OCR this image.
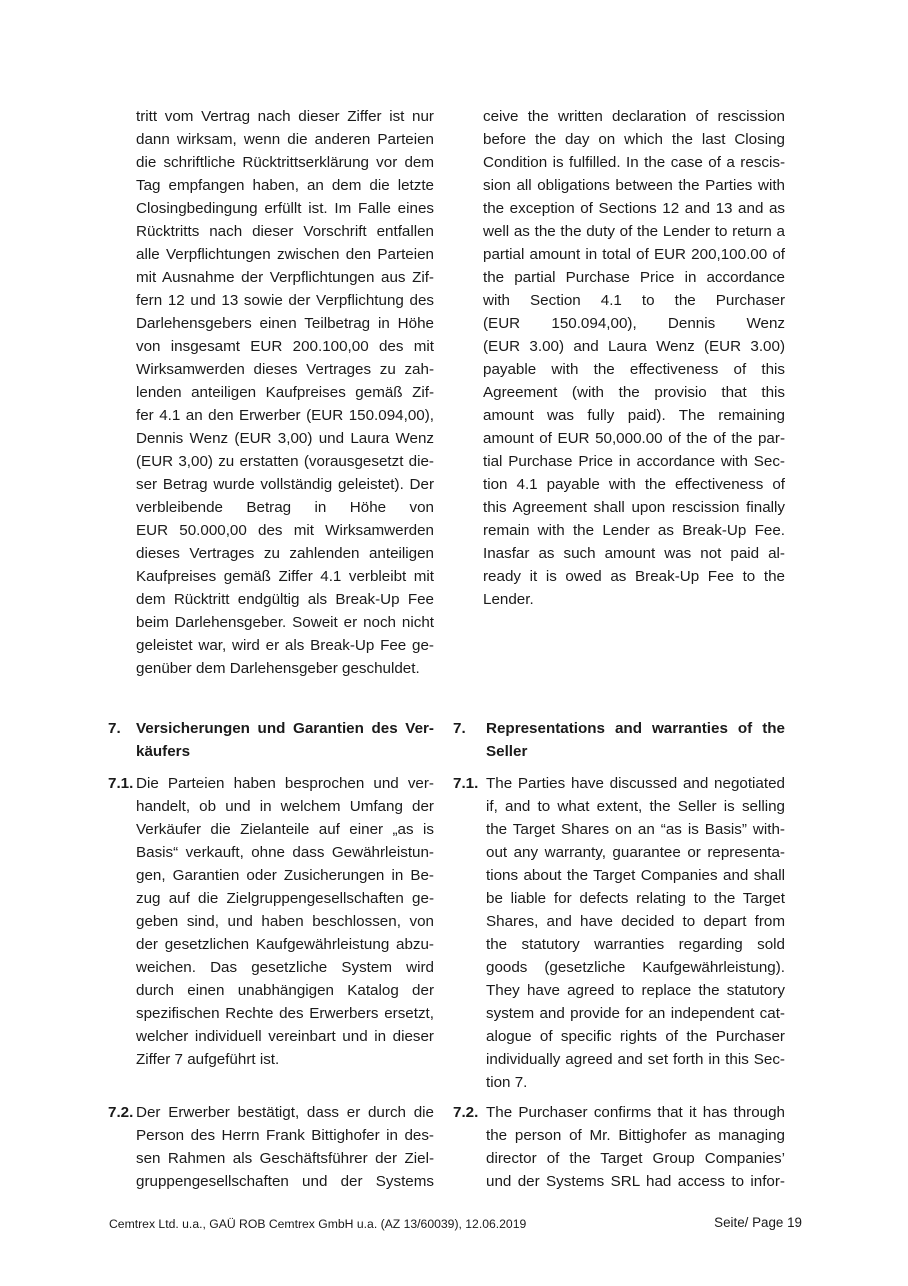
tritt vom Vertrag nach dieser Ziffer ist nur
dann wirksam, wenn die anderen Parteien
die schriftliche Rücktrittserklärung vor dem
Tag empfangen haben, an dem die letzte
Closingbedingung erfüllt ist. Im Falle eines
Rücktritts nach dieser Vorschrift entfallen
alle Verpflichtungen zwischen den Parteien
mit Ausnahme der Verpflichtungen aus Zif-
fern 12 und 13 sowie der Verpflichtung des
Darlehensgebers einen Teilbetrag in Höhe
von insgesamt EUR 200.100,00 des mit
Wirksamwerden dieses Vertrages zu zah-
lenden anteiligen Kaufpreises gemäß Zif-
fer 4.1 an den Erwerber (EUR 150.094,00),
Dennis Wenz (EUR 3,00) und Laura Wenz
(EUR 3,00) zu erstatten (vorausgesetzt die-
ser Betrag wurde vollständig geleistet). Der
verbleibende Betrag in Höhe von
EUR 50.000,00 des mit Wirksamwerden
dieses Vertrages zu zahlenden anteiligen
Kaufpreises gemäß Ziffer 4.1 verbleibt mit
dem Rücktritt endgültig als Break-Up Fee
beim Darlehensgeber. Soweit er noch nicht
geleistet war, wird er als Break-Up Fee ge-
genüber dem Darlehensgeber geschuldet.
ceive the written declaration of rescission
before the day on which the last Closing
Condition is fulfilled. In the case of a rescis-
sion all obligations between the Parties with
the exception of Sections 12 and 13 and as
well as the the duty of the Lender to return a
partial amount in total of EUR 200,100.00 of
the partial Purchase Price in accordance
with Section 4.1 to the Purchaser
(EUR 150.094,00), Dennis Wenz
(EUR 3.00) and Laura Wenz (EUR 3.00)
payable with the effectiveness of this
Agreement (with the provisio that this
amount was fully paid). The remaining
amount of EUR 50,000.00 of the of the par-
tial Purchase Price in accordance with Sec-
tion 4.1 payable with the effectiveness of
this Agreement shall upon rescission finally
remain with the Lender as Break-Up Fee.
Inasfar as such amount was not paid al-
ready it is owed as Break-Up Fee to the
Lender.
7. Versicherungen und Garantien des Ver-
käufers
7. Representations and warranties of the
Seller
7.1. Die Parteien haben besprochen und ver-
handelt, ob und in welchem Umfang der
Verkäufer die Zielanteile auf einer „as is
Basis“ verkauft, ohne dass Gewährleistun-
gen, Garantien oder Zusicherungen in Be-
zug auf die Zielgruppengesellschaften ge-
geben sind, und haben beschlossen, von
der gesetzlichen Kaufgewährleistung abzu-
weichen. Das gesetzliche System wird
durch einen unabhängigen Katalog der
spezifischen Rechte des Erwerbers ersetzt,
welcher individuell vereinbart und in dieser
Ziffer 7 aufgeführt ist.
7.1. The Parties have discussed and negotiated
if, and to what extent, the Seller is selling
the Target Shares on an “as is Basis” with-
out any warranty, guarantee or representa-
tions about the Target Companies and shall
be liable for defects relating to the Target
Shares, and have decided to depart from
the statutory warranties regarding sold
goods (gesetzliche Kaufgewährleistung).
They have agreed to replace the statutory
system and provide for an independent cat-
alogue of specific rights of the Purchaser
individually agreed and set forth in this Sec-
tion 7.
7.2. Der Erwerber bestätigt, dass er durch die
Person des Herrn Frank Bittighofer in des-
sen Rahmen als Geschäftsführer der Ziel-
gruppengesellschaften und der Systems
7.2. The Purchaser confirms that it has through
the person of Mr. Bittighofer as managing
director of the Target Group Companies’
und der Systems SRL had access to infor-
Cemtrex Ltd. u.a., GAÜ ROB Cemtrex GmbH u.a. (AZ 13/60039), 12.06.2019	Seite/ Page 19
